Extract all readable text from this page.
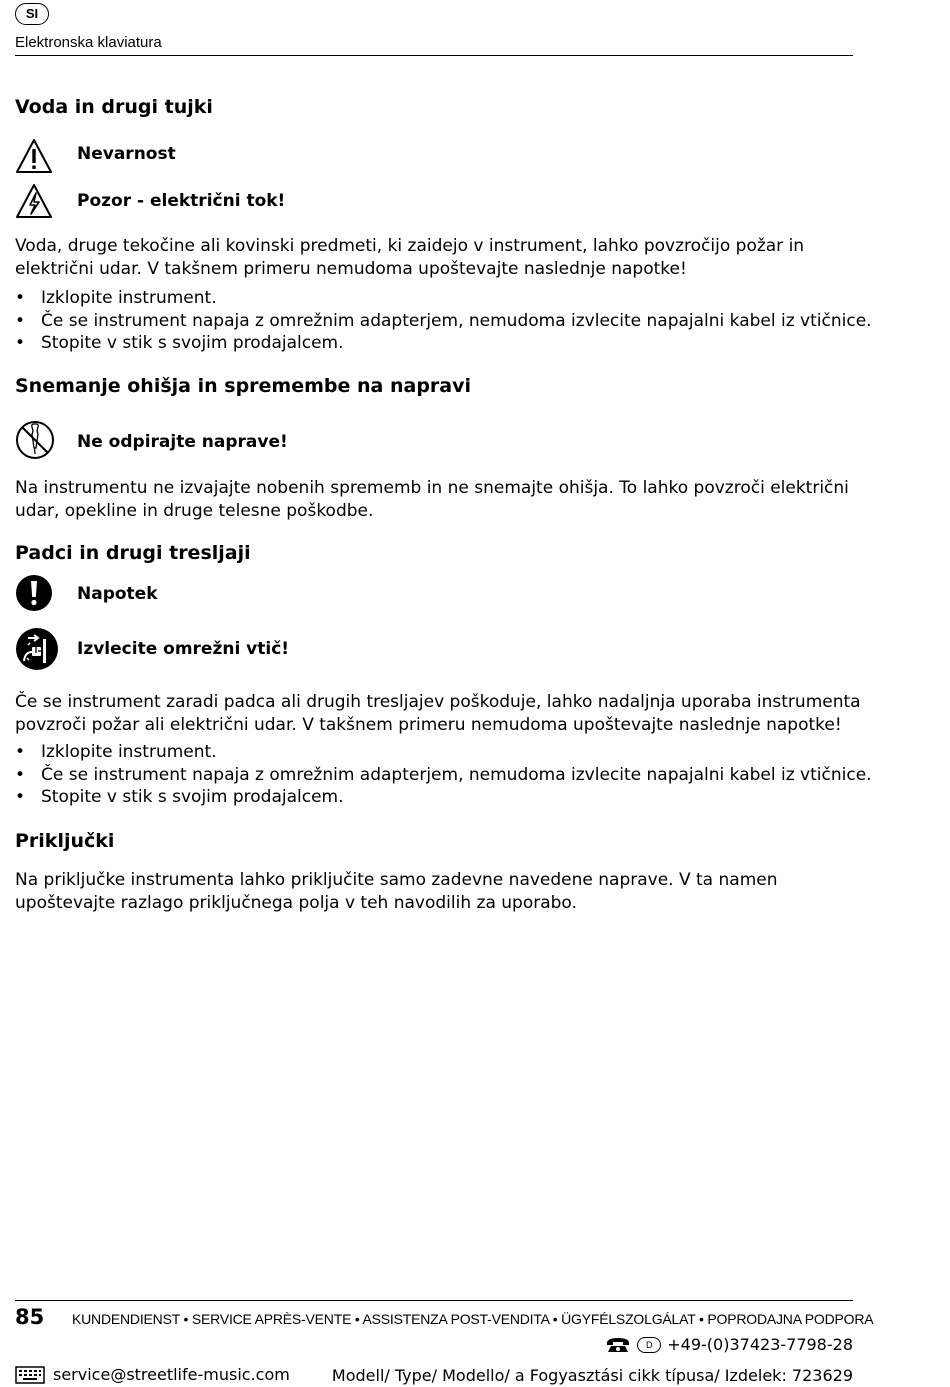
SI
Elektronska klaviatura
Voda in drugi tujki
Nevarnost
Pozor - električni tok!
Voda, druge tekočine ali kovinski predmeti, ki zaidejo v instrument, lahko povzročijo požar in električni udar. V takšnem primeru nemudoma upoštevajte naslednje napotke!
• Izklopite instrument.
• Če se instrument napaja z omrežnim adapterjem, nemudoma izvlecite napajalni kabel iz vtičnice.
• Stopite v stik s svojim prodajalcem.
Snemanje ohišja in spremembe na napravi
Ne odpirajte naprave!
Na instrumentu ne izvajajte nobenih sprememb in ne snemajte ohišja. To lahko povzroči električni udar, opekline in druge telesne poškodbe.
Padci in drugi tresljaji
Napotek
Izvlecite omrežni vtič!
Če se instrument zaradi padca ali drugih tresljajev poškoduje, lahko nadaljnja uporaba instrumenta povzroči požar ali električni udar. V takšnem primeru nemudoma upoštevajte naslednje napotke!
• Izklopite instrument.
• Če se instrument napaja z omrežnim adapterjem, nemudoma izvlecite napajalni kabel iz vtičnice.
• Stopite v stik s svojim prodajalcem.
Priključki
Na priključke instrumenta lahko priključite samo zadevne navedene naprave. V ta namen upoštevajte razlago priključnega polja v teh navodilih za uporabo.
85 KUNDENDIENST • SERVICE APRÈS-VENTE • ASSISTENZA POST-VENDITA • ÜGYFÉLSZOLGÁLAT • POPRODAJNA PODPORA
D +49-(0)37423-7798-28
service@streetlife-music.com	Modell/ Type/ Modello/ a Fogyasztási cikk típusa/ Izdelek: 723629
